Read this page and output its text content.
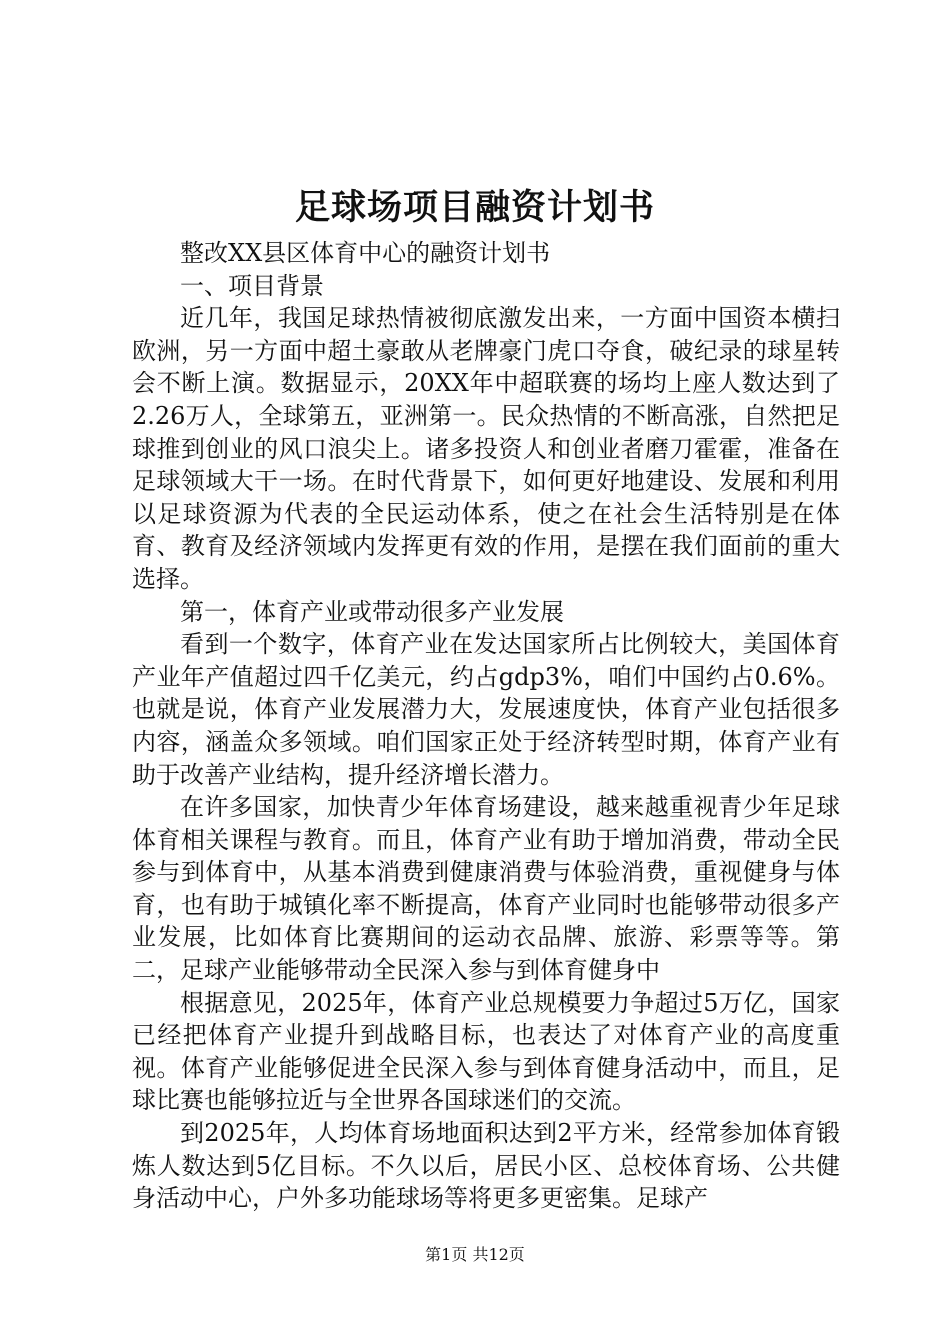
足球场项目融资计划书

整改XX县区体育中心的融资计划书

一、项目背景

近几年，我国足球热情被彻底激发出来，一方面中国资本横扫欧洲，另一方面中超土豪敢从老牌豪门虎口夺食，破纪录的球星转会不断上演。数据显示，20XX年中超联赛的场均上座人数达到了2.26万人，全球第五，亚洲第一。民众热情的不断高涨，自然把足球推到创业的风口浪尖上。诸多投资人和创业者磨刀霍霍，准备在足球领域大干一场。在时代背景下，如何更好地建设、发展和利用以足球资源为代表的全民运动体系，使之在社会生活特别是在体育、教育及经济领域内发挥更有效的作用，是摆在我们面前的重大选择。

第一，体育产业或带动很多产业发展

看到一个数字，体育产业在发达国家所占比例较大，美国体育产业年产值超过四千亿美元，约占gdp3%，咱们中国约占0.6%。也就是说，体育产业发展潜力大，发展速度快，体育产业包括很多内容，涵盖众多领域。咱们国家正处于经济转型时期，体育产业有助于改善产业结构，提升经济增长潜力。

在许多国家，加快青少年体育场建设，越来越重视青少年足球体育相关课程与教育。而且，体育产业有助于增加消费，带动全民参与到体育中，从基本消费到健康消费与体验消费，重视健身与体育，也有助于城镇化率不断提高，体育产业同时也能够带动很多产业发展，比如体育比赛期间的运动衣品牌、旅游、彩票等等。第二，足球产业能够带动全民深入参与到体育健身中

根据意见，2025年，体育产业总规模要力争超过5万亿，国家已经把体育产业提升到战略目标，也表达了对体育产业的高度重视。体育产业能够促进全民深入参与到体育健身活动中，而且，足球比赛也能够拉近与全世界各国球迷们的交流。

到2025年，人均体育场地面积达到2平方米，经常参加体育锻炼人数达到5亿目标。不久以后，居民小区、总校体育场、公共健身活动中心，户外多功能球场等将更多更密集。足球产

第1页 共12页
